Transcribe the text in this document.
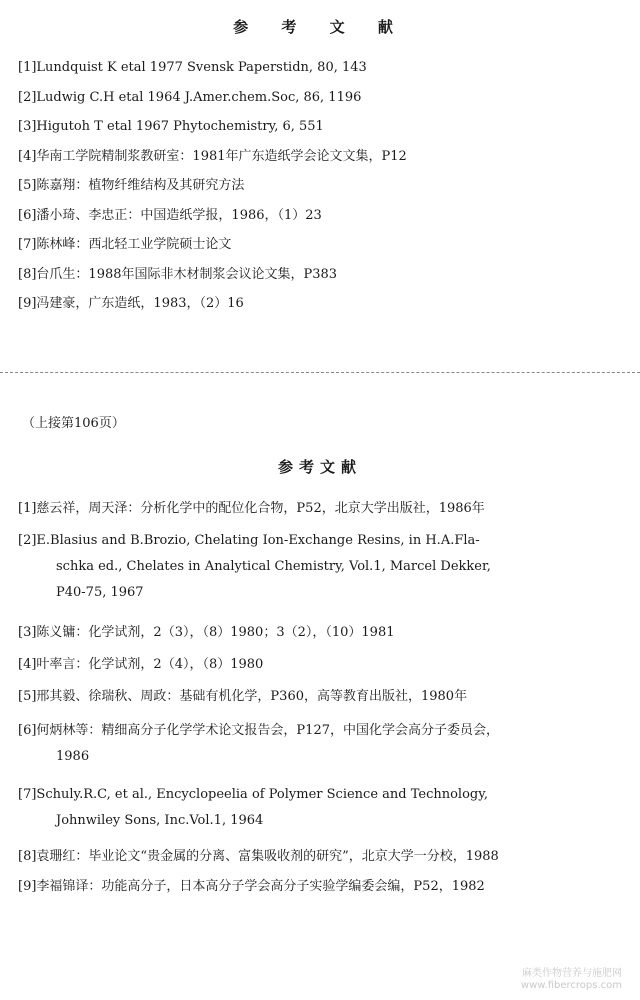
参 考 文 献
[1]Lundquist K etal 1977 Svensk Paperstidn, 80, 143
[2]Ludwig C.H etal 1964 J.Amer.chem.Soc, 86, 1196
[3]Higutoh T etal 1967 Phytochemistry, 6, 551
[4]华南工学院精制浆教研室：1981年广东造纸学会论文文集，P12
[5]陈嘉翔：植物纤维结构及其研究方法
[6]潘小琦、李忠正：中国造纸学报，1986，（1）23
[7]陈林峰：西北轻工业学院硕士论文
[8]台爪生：1988年国际非木材制浆会议论文集，P383
[9]冯建豪，广东造纸，1983，（2）16
（上接第106页）
参考文献
[1]慈云祥，周天泽：分析化学中的配位化合物，P52，北京大学出版社，1986年
[2]E.Blasius and B.Brozio, Chelating Ion-Exchange Resins, in H.A.Fla-
schka ed., Chelates in Analytical Chemistry, Vol.1, Marcel Dekker,
P40-75, 1967
[3]陈义镛：化学试剂，2（3），（8）1980；3（2），（10）1981
[4]叶率言：化学试剂，2（4），（8）1980
[5]邢其毅、徐瑞秋、周政：基础有机化学，P360，高等教育出版社，1980年
[6]何炳林等：精细高分子化学学术论文报告会，P127，中国化学会高分子委员会，
1986
[7]Schuly.R.C, et al., Encyclopeelia of Polymer Science and Technology,
Johnwiley Sons, Inc.Vol.1, 1964
[8]袁珊红：毕业论文“贵金属的分离、富集吸收剂的研究”，北京大学一分校，1988
[9]李福锦译：功能高分子，日本高分子学会高分子实验学编委会编，P52，1982
麻类作物营养与施肥网
www.fibercrops.com
